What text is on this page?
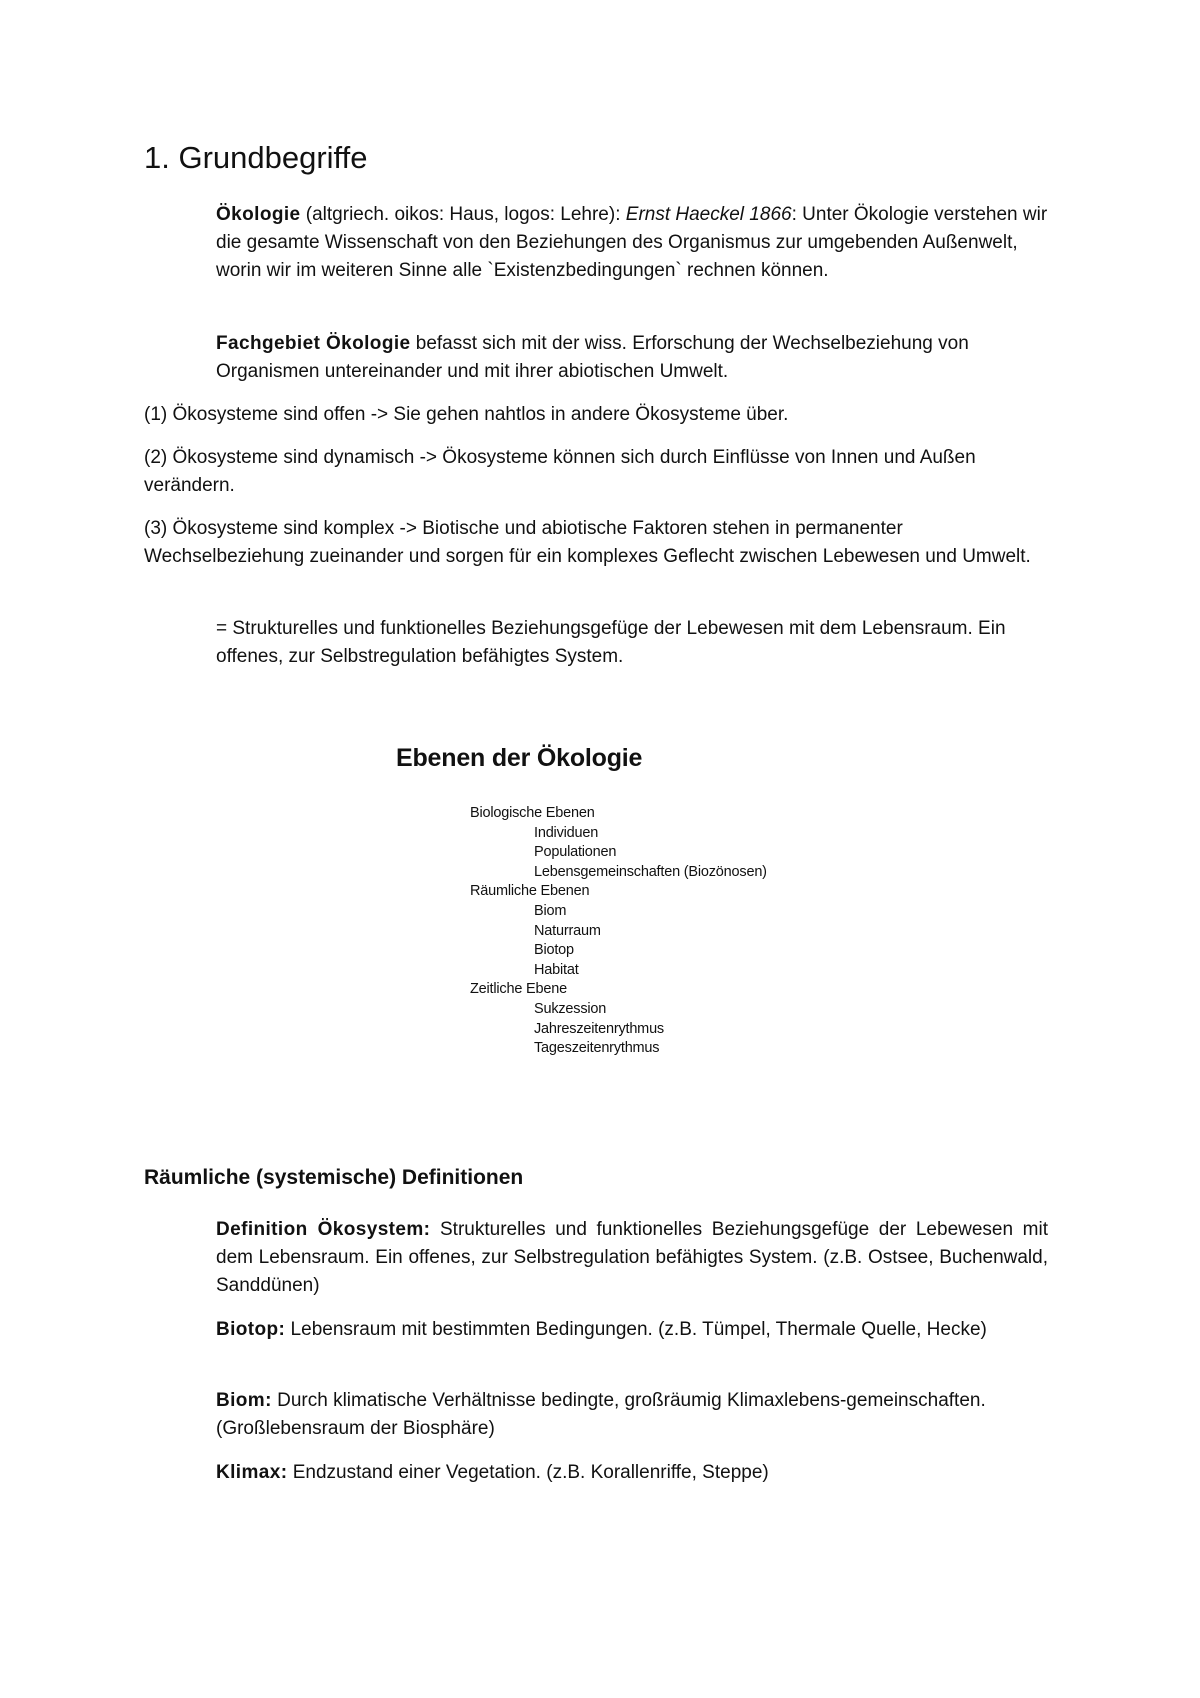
1. Grundbegriffe

Ökologie (altgriech. oikos: Haus, logos: Lehre): Ernst Haeckel 1866: Unter Ökologie verstehen wir die gesamte Wissenschaft von den Beziehungen des Organismus zur umgebenden Außenwelt, worin wir im weiteren Sinne alle `Existenzbedingungen` rechnen können.

Fachgebiet Ökologie befasst sich mit der wiss. Erforschung der Wechselbeziehung von Organismen untereinander und mit ihrer abiotischen Umwelt.

(1) Ökosysteme sind offen -> Sie gehen nahtlos in andere Ökosysteme über.

(2) Ökosysteme sind dynamisch -> Ökosysteme können sich durch Einflüsse von Innen und Außen verändern.

(3) Ökosysteme sind komplex -> Biotische und abiotische Faktoren stehen in permanenter Wechselbeziehung zueinander und sorgen für ein komplexes Geflecht zwischen Lebewesen und Umwelt.

= Strukturelles und funktionelles Beziehungsgefüge der Lebewesen mit dem Lebensraum. Ein offenes, zur Selbstregulation befähigtes System.

Ebenen der Ökologie
Biologische Ebenen
Individuen
Populationen
Lebensgemeinschaften (Biozönosen)
Räumliche Ebenen
Biom
Naturraum
Biotop
Habitat
Zeitliche Ebene
Sukzession
Jahreszeitenrythmus
Tageszeitenrythmus
Räumliche (systemische) Definitionen

Definition Ökosystem: Strukturelles und funktionelles Beziehungsgefüge der Lebewesen mit dem Lebensraum. Ein offenes, zur Selbstregulation befähigtes System. (z.B. Ostsee, Buchenwald, Sanddünen)

Biotop: Lebensraum mit bestimmten Bedingungen. (z.B. Tümpel, Thermale Quelle, Hecke)

Biom: Durch klimatische Verhältnisse bedingte, großräumig Klimaxlebens-gemeinschaften. (Großlebensraum der Biosphäre)

Klimax: Endzustand einer Vegetation. (z.B. Korallenriffe, Steppe)
